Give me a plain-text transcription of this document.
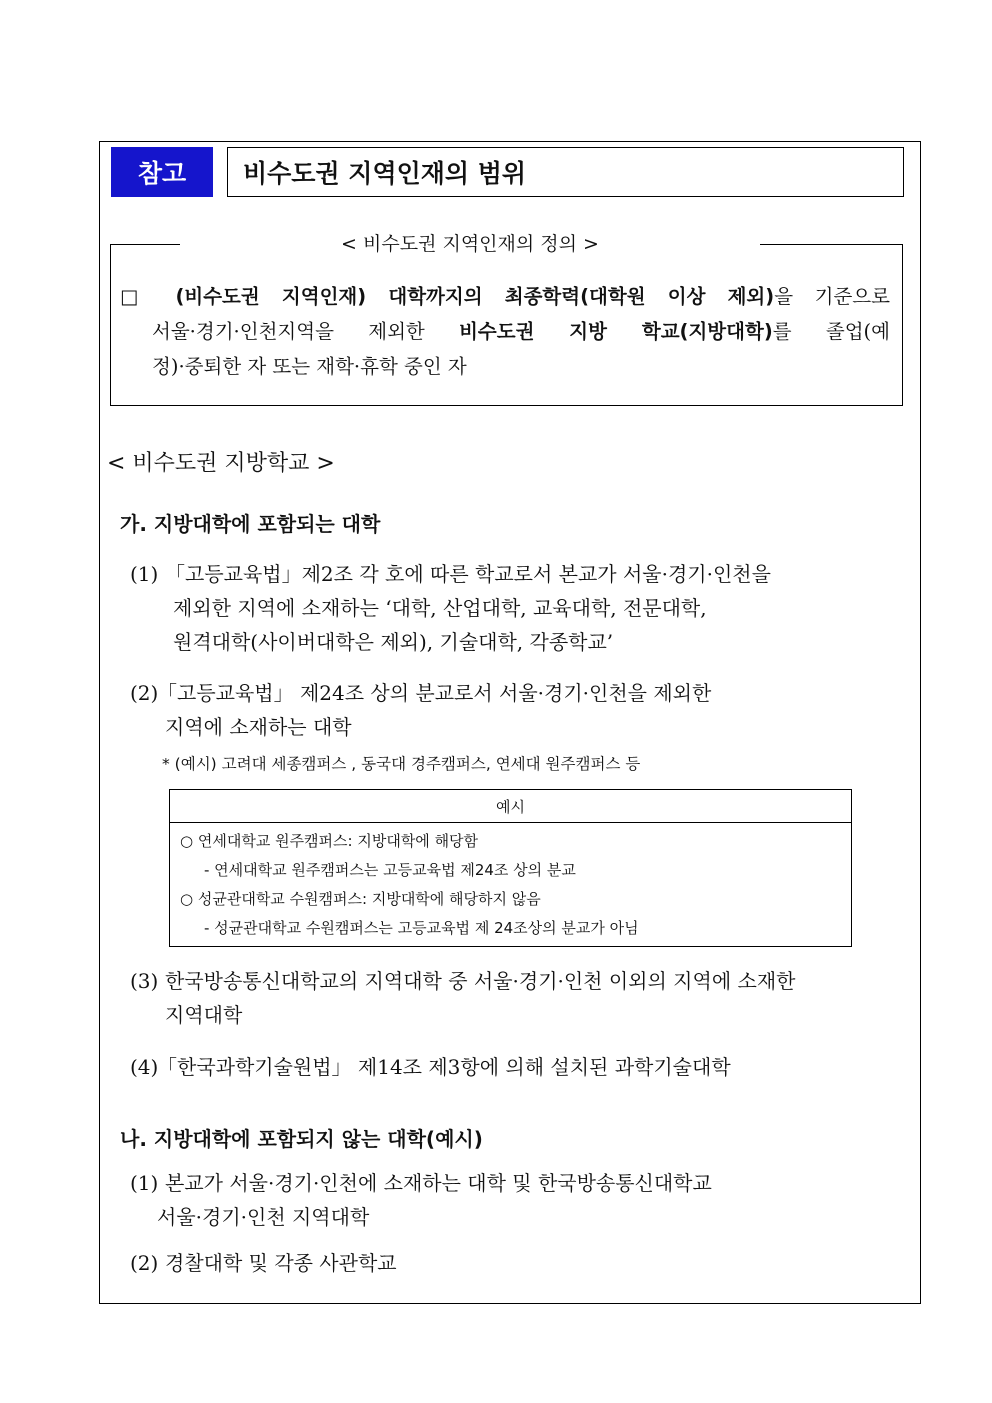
참고	비수도권 지역인재의 범위
< 비수도권 지역인재의 정의 >
□ (비수도권 지역인재) 대학까지의 최종학력(대학원 이상 제외)을 기준으로
서울·경기·인천지역을 제외한 비수도권 지방 학교(지방대학)를 졸업(예
정)·중퇴한 자 또는 재학·휴학 중인 자
< 비수도권 지방학교 >
가. 지방대학에 포함되는 대학
(1) 「고등교육법」제2조 각 호에 따른 학교로서 본교가 서울·경기·인천을
제외한 지역에 소재하는 ‘대학, 산업대학, 교육대학, 전문대학,
원격대학(사이버대학은 제외), 기술대학, 각종학교’
(2)
「고등교육법」 제24조 상의 분교로서 서울·경기·인천을 제외한
지역에 소재하는 대학
* (예시) 고려대 세종캠퍼스 , 동국대 경주캠퍼스, 연세대 원주캠퍼스 등
예시

○ 연세대학교 원주캠퍼스: 지방대학에 해당함
- 연세대학교 원주캠퍼스는 고등교육법 제24조 상의 분교
○ 성균관대학교 수원캠퍼스: 지방대학에 해당하지 않음
- 성균관대학교 수원캠퍼스는 고등교육법 제 24조상의 분교가 아님
(3) 한국방송통신대학교의 지역대학 중 서울·경기·인천 이외의 지역에 소재한
지역대학
(4)
「한국과학기술원법」 제14조 제3항에 의해 설치된 과학기술대학
나. 지방대학에 포함되지 않는 대학(예시)
(1) 본교가 서울·경기·인천에 소재하는 대학 및 한국방송통신대학교
서울·경기·인천 지역대학
(2) 경찰대학 및 각종 사관학교
